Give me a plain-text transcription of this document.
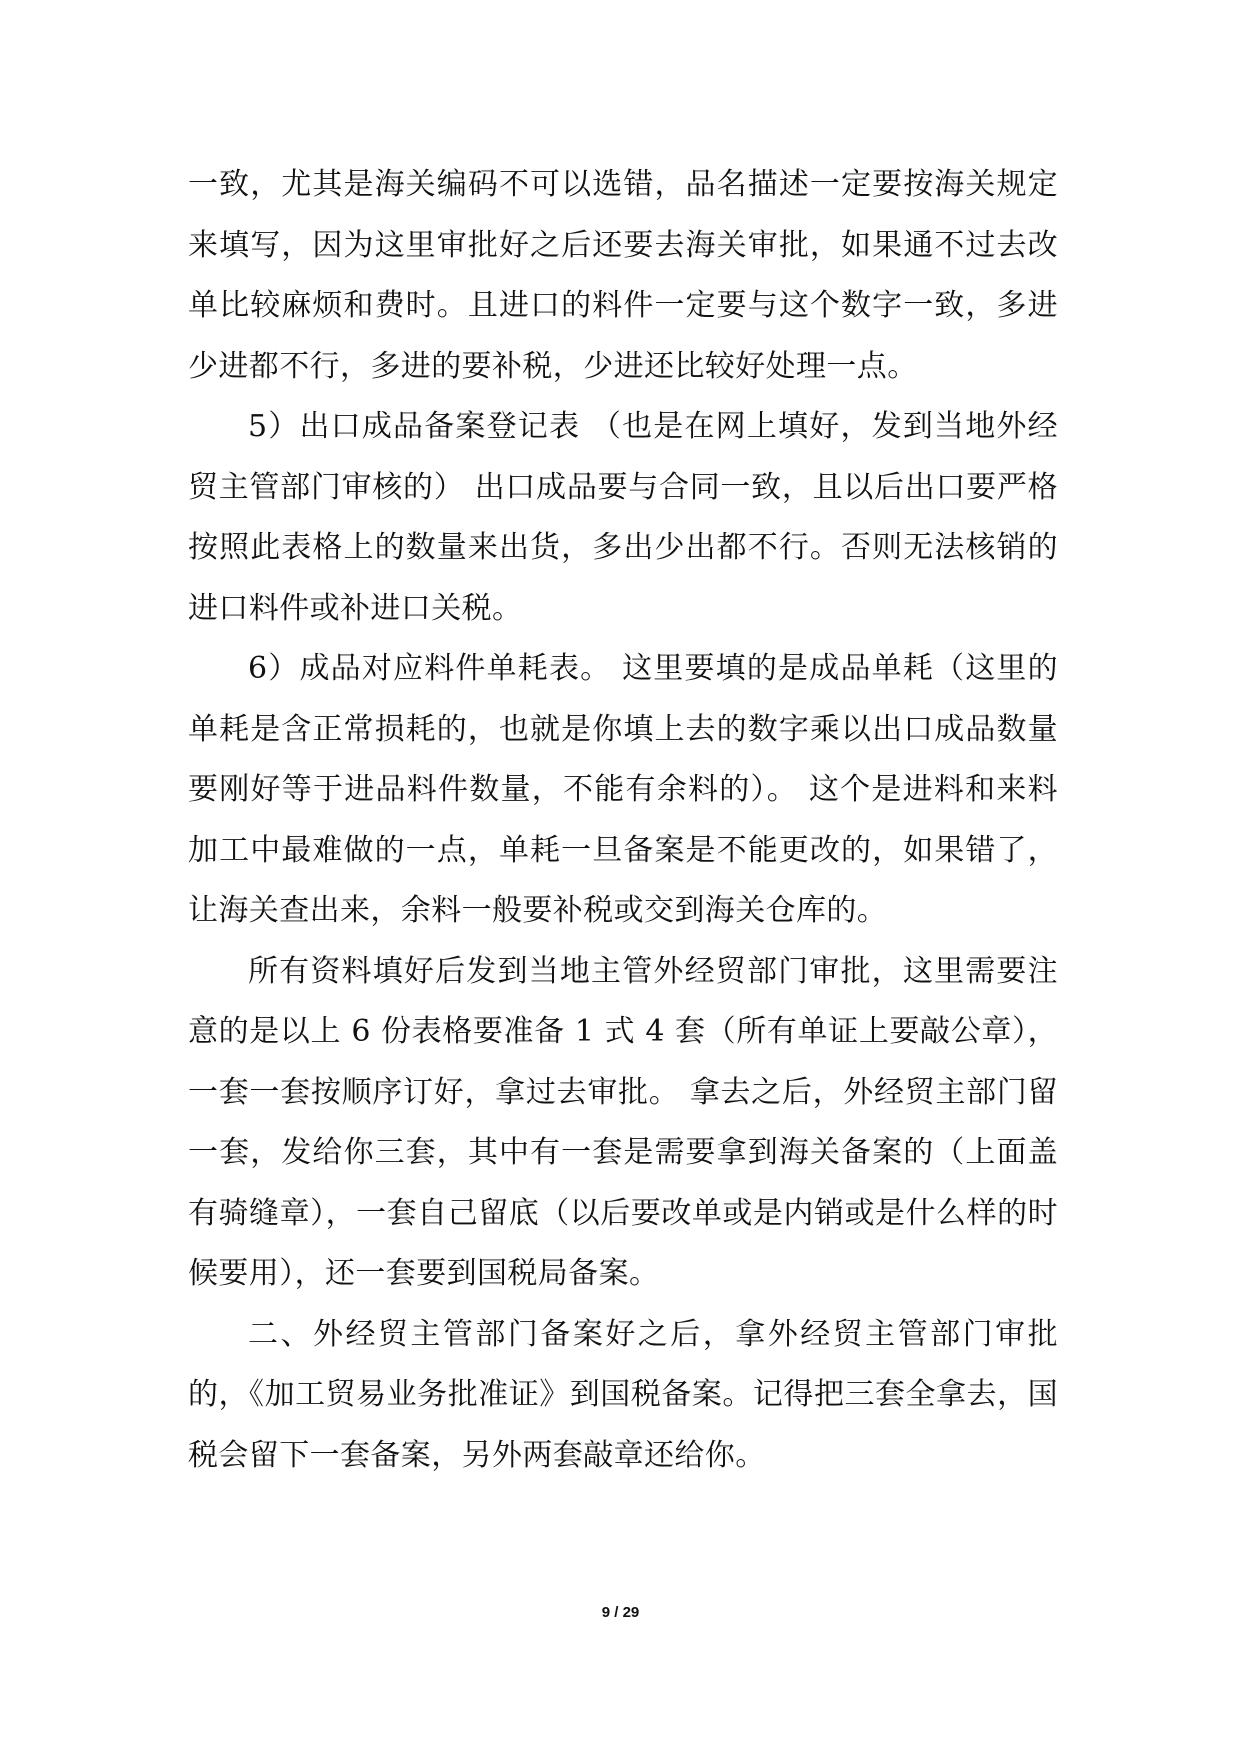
一致，尤其是海关编码不可以选错，品名描述一定要按海关规定来填写，因为这里审批好之后还要去海关审批，如果通不过去改单比较麻烦和费时。且进口的料件一定要与这个数字一致，多进少进都不行，多进的要补税，少进还比较好处理一点。

5）出口成品备案登记表 （也是在网上填好，发到当地外经贸主管部门审核的） 出口成品要与合同一致，且以后出口要严格按照此表格上的数量来出货，多出少出都不行。否则无法核销的进口料件或补进口关税。

6）成品对应料件单耗表。 这里要填的是成品单耗（这里的单耗是含正常损耗的，也就是你填上去的数字乘以出口成品数量要刚好等于进品料件数量，不能有余料的）。 这个是进料和来料加工中最难做的一点，单耗一旦备案是不能更改的，如果错了，让海关查出来，余料一般要补税或交到海关仓库的。

所有资料填好后发到当地主管外经贸部门审批，这里需要注意的是以上 6 份表格要准备 1 式 4 套（所有单证上要敲公章），一套一套按顺序订好，拿过去审批。 拿去之后，外经贸主部门留一套，发给你三套，其中有一套是需要拿到海关备案的（上面盖有骑缝章），一套自己留底（以后要改单或是内销或是什么样的时候要用），还一套要到国税局备案。

二、外经贸主管部门备案好之后，拿外经贸主管部门审批的，《加工贸易业务批准证》到国税备案。记得把三套全拿去，国税会留下一套备案，另外两套敲章还给你。

9 / 29
